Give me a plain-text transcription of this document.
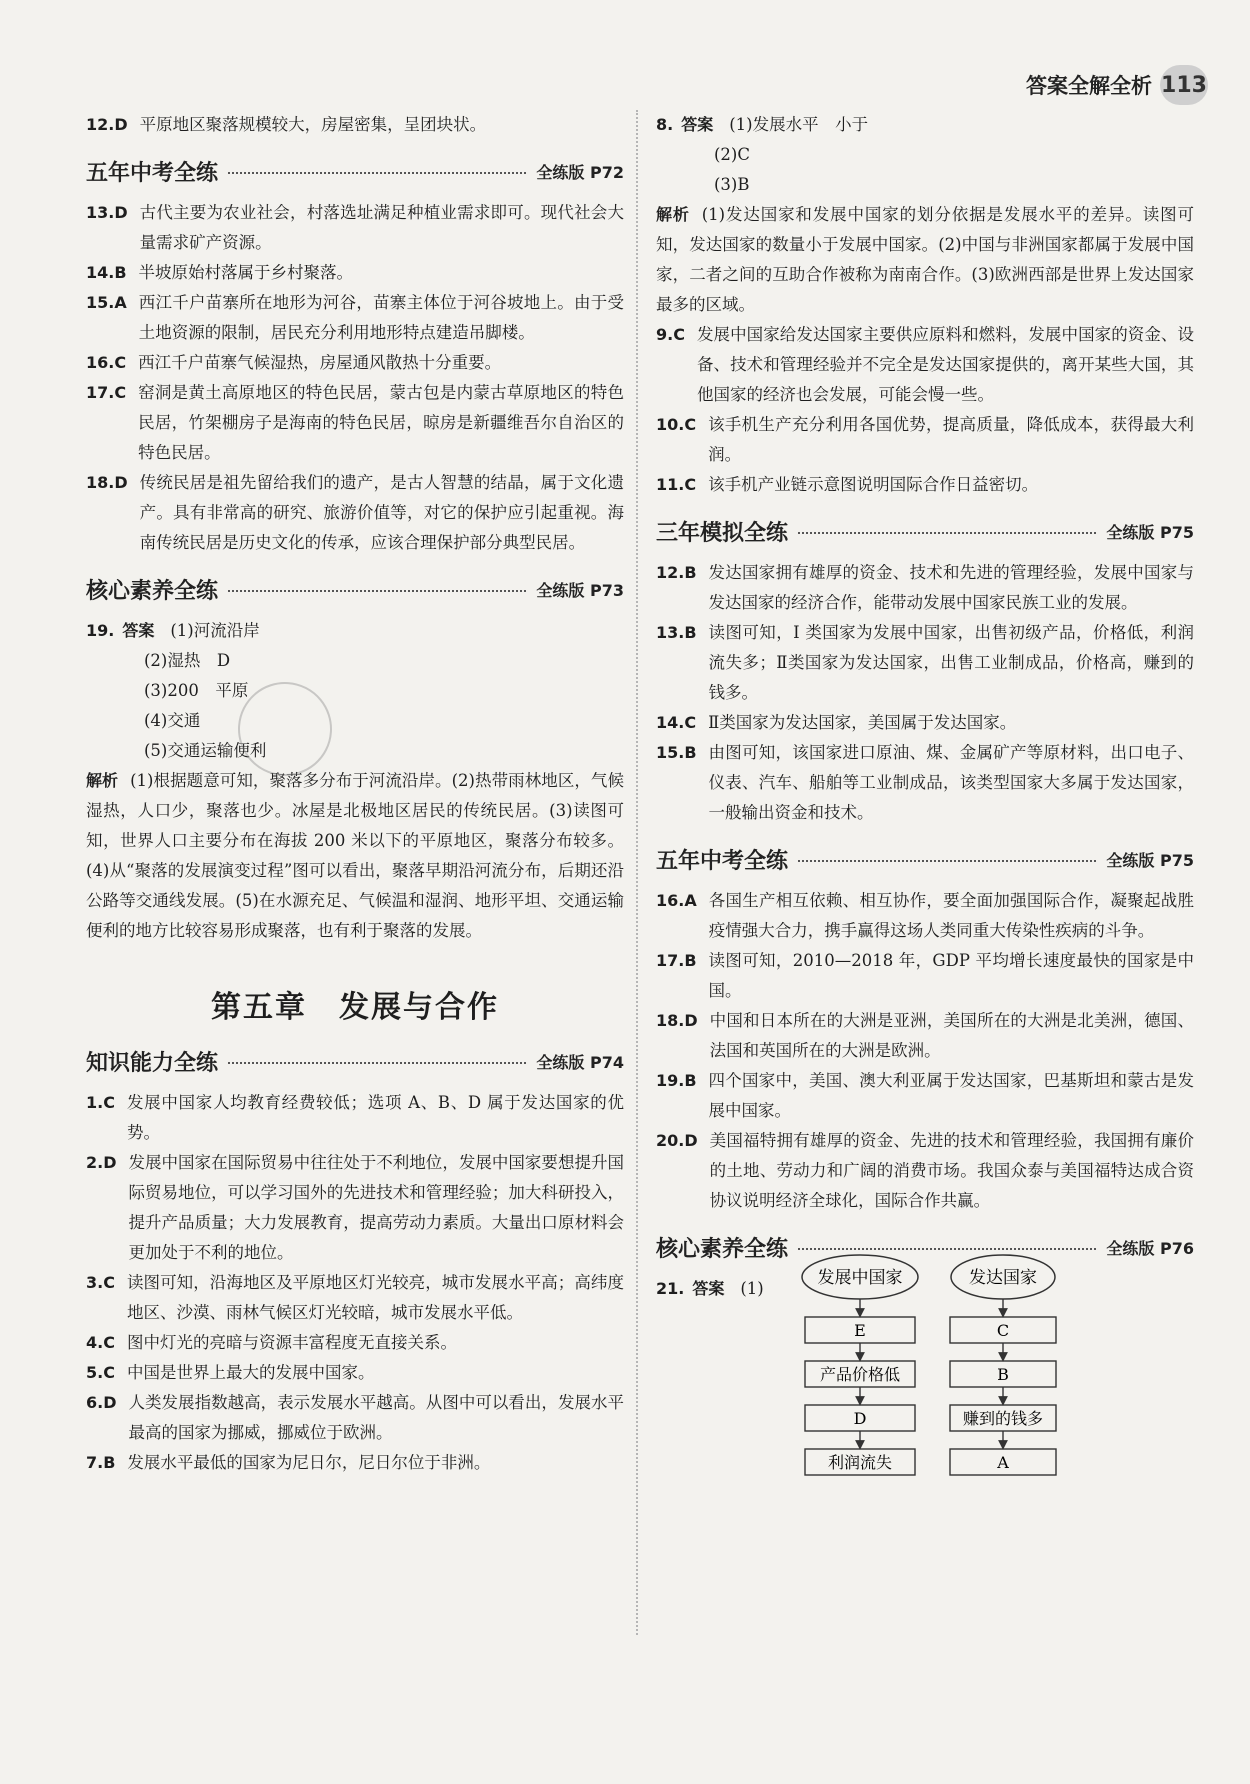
答案全解全析 113
12.D 平原地区聚落规模较大，房屋密集，呈团块状。
五年中考全练	全练版 P72
13.D 古代主要为农业社会，村落选址满足种植业需求即可。现代社会大量需求矿产资源。
14.B 半坡原始村落属于乡村聚落。
15.A 西江千户苗寨所在地形为河谷，苗寨主体位于河谷坡地上。由于受土地资源的限制，居民充分利用地形特点建造吊脚楼。
16.C 西江千户苗寨气候湿热，房屋通风散热十分重要。
17.C 窑洞是黄土高原地区的特色民居，蒙古包是内蒙古草原地区的特色民居，竹架棚房子是海南的特色民居，晾房是新疆维吾尔自治区的特色民居。
18.D 传统民居是祖先留给我们的遗产，是古人智慧的结晶，属于文化遗产。具有非常高的研究、旅游价值等，对它的保护应引起重视。海南传统民居是历史文化的传承，应该合理保护部分典型民居。
核心素养全练	全练版 P73
19. 答案 (1)河流沿岸
(2)湿热　D
(3)200　平原
(4)交通
(5)交通运输便利
解析 (1)根据题意可知，聚落多分布于河流沿岸。(2)热带雨林地区，气候湿热，人口少，聚落也少。冰屋是北极地区居民的传统民居。(3)读图可知，世界人口主要分布在海拔 200 米以下的平原地区，聚落分布较多。(4)从“聚落的发展演变过程”图可以看出，聚落早期沿河流分布，后期还沿公路等交通线发展。(5)在水源充足、气候温和湿润、地形平坦、交通运输便利的地方比较容易形成聚落，也有利于聚落的发展。
第五章　发展与合作
知识能力全练	全练版 P74
1.C 发展中国家人均教育经费较低；选项 A、B、D 属于发达国家的优势。
2.D 发展中国家在国际贸易中往往处于不利地位，发展中国家要想提升国际贸易地位，可以学习国外的先进技术和管理经验；加大科研投入，提升产品质量；大力发展教育，提高劳动力素质。大量出口原材料会更加处于不利的地位。
3.C 读图可知，沿海地区及平原地区灯光较亮，城市发展水平高；高纬度地区、沙漠、雨林气候区灯光较暗，城市发展水平低。
4.C 图中灯光的亮暗与资源丰富程度无直接关系。
5.C 中国是世界上最大的发展中国家。
6.D 人类发展指数越高，表示发展水平越高。从图中可以看出，发展水平最高的国家为挪威，挪威位于欧洲。
7.B 发展水平最低的国家为尼日尔，尼日尔位于非洲。
8. 答案 (1)发展水平　小于
(2)C
(3)B
解析 (1)发达国家和发展中国家的划分依据是发展水平的差异。读图可知，发达国家的数量小于发展中国家。(2)中国与非洲国家都属于发展中国家，二者之间的互助合作被称为南南合作。(3)欧洲西部是世界上发达国家最多的区域。
9.C 发展中国家给发达国家主要供应原料和燃料，发展中国家的资金、设备、技术和管理经验并不完全是发达国家提供的，离开某些大国，其他国家的经济也会发展，可能会慢一些。
10.C 该手机生产充分利用各国优势，提高质量，降低成本，获得最大利润。
11.C 该手机产业链示意图说明国际合作日益密切。
三年模拟全练	全练版 P75
12.B 发达国家拥有雄厚的资金、技术和先进的管理经验，发展中国家与发达国家的经济合作，能带动发展中国家民族工业的发展。
13.B 读图可知，I 类国家为发展中国家，出售初级产品，价格低，利润流失多；Ⅱ类国家为发达国家，出售工业制成品，价格高，赚到的钱多。
14.C Ⅱ类国家为发达国家，美国属于发达国家。
15.B 由图可知，该国家进口原油、煤、金属矿产等原材料，出口电子、仪表、汽车、船舶等工业制成品，该类型国家大多属于发达国家，一般输出资金和技术。
五年中考全练	全练版 P75
16.A 各国生产相互依赖、相互协作，要全面加强国际合作，凝聚起战胜疫情强大合力，携手赢得这场人类同重大传染性疾病的斗争。
17.B 读图可知，2010—2018 年，GDP 平均增长速度最快的国家是中国。
18.D 中国和日本所在的大洲是亚洲，美国所在的大洲是北美洲，德国、法国和英国所在的大洲是欧洲。
19.B 四个国家中，美国、澳大利亚属于发达国家，巴基斯坦和蒙古是发展中国家。
20.D 美国福特拥有雄厚的资金、先进的技术和管理经验，我国拥有廉价的土地、劳动力和广阔的消费市场。我国众泰与美国福特达成合资协议说明经济全球化，国际合作共赢。
核心素养全练	全练版 P76
21. 答案 (1)
发展中国家
E
产品价格低
D
利润流失
发达国家
C
B
赚到的钱多
A
